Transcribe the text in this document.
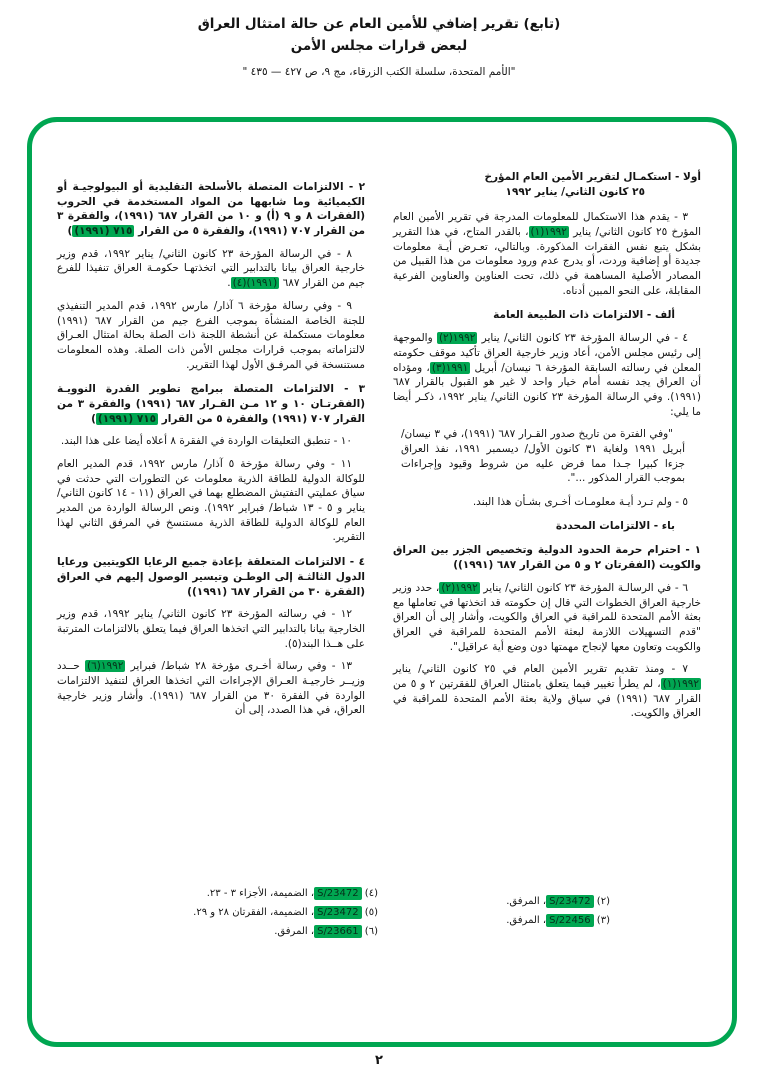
(تابع) تقرير إضافي للأمين العام عن حالة امتثال العراق
لبعض قرارات مجلس الأمن
"الأمم المتحدة، سلسلة الكتب الزرقاء، مج ٩، ص ٤٢٧ — ٤٣٥ "

أولا - استكمـال لتقرير الأمين العام المؤرخ
٢٥ كانون الثاني/ يناير ١٩٩٢

٣ - يقدم هذا الاستكمال للمعلومات المدرجة في تقرير الأمين العام المؤرخ ٢٥ كانون الثاني/ يناير ١٩٩٢(١)، بالقدر المتاح، في هذا التقرير بشكل يتبع نفس الفقرات المذكورة. وبالتالي، تعـرض أيـة معلومات جديدة أو إضافية وردت، أو يدرج عدم ورود معلومات من هذا القبيل من المصادر الأصلية المساهمة في ذلك، تحت العناوين والعناوين الفرعية المقابلة، على النحو المبين أدناه.

ألف - الالتزامات ذات الطبيعة العامة

٤ - في الرسالة المؤرخة ٢٣ كانون الثاني/ يناير ١٩٩٢(٢) والموجهة إلى رئيس مجلس الأمن، أعاد وزير خارجية العراق تأكيد موقف حكومته المعلن في رسالته السابقة المؤرخة ٦ نيسان/ أبريل ١٩٩١(٣)، ومؤداه أن العراق يجد نفسه أمام خيار واحد لا غير هو القبول بالقرار ٦٨٧ (١٩٩١). وفي الرسالة المؤرخة ٢٣ كانون الثاني/ يناير ١٩٩٢، ذكـر أيضا ما يلي:

"وفي الفترة من تاريخ صدور القـرار ٦٨٧ (١٩٩١)، في ٣ نيسان/ أبريل ١٩٩١ ولغاية ٣١ كانون الأول/ ديسمبر ١٩٩١، نفذ العراق جزءا كبيرا جـدا مما فرض عليه من شروط وقيود وإجراءات بموجب القرار المذكور ...".

٥ - ولم تـرد أيـة معلومـات أخـرى بشـأن هذا البند.

باء - الالتزامات المحددة

١ - احترام حرمة الحدود الدولية وتخصيص الجزر بين العراق والكويت (الفقرتان ٢ و ٥ من القرار ٦٨٧ (١٩٩١))

٦ - في الرسالـة المؤرخة ٢٣ كانون الثاني/ يناير ١٩٩٢(٢)، حدد وزير خارجية العراق الخطوات التي قال إن حكومته قد اتخذتها في تعاملها مع بعثة الأمم المتحدة للمراقبة في العراق والكويت، وأشار إلى أن العراق "قدم التسهيلات اللازمة لبعثة الأمم المتحدة للمراقبة في العراق والكويت وتعاون معها لإنجاح مهمتها دون وضع أية عراقيل".

٧ - ومنذ تقديم تقرير الأمين العام في ٢٥ كانون الثاني/ يناير ١٩٩٢(١)، لم يطرأ تغيير فيما يتعلق بامتثال العراق للفقرتين ٢ و ٥ من القرار ٦٨٧ (١٩٩١) في سياق ولاية بعثة الأمم المتحدة للمراقبة في العراق والكويت.

٢ - الالتزامات المتصلة بالأسلحة التقليدية أو البيولوجيـة أو الكيميائية وما شابهها من المواد المستخدمة في الحروب (الفقرات ٨ و ٩ (أ) و ١٠ من القرار ٦٨٧ (١٩٩١)، والفقرة ٣ من القرار ٧٠٧ (١٩٩١)، والفقرة ٥ من القرار ٧١٥ (١٩٩١))

٨ - في الرسالة المؤرخة ٢٣ كانون الثاني/ يناير ١٩٩٢، قدم وزير خارجية العراق بيانا بالتدابير التي اتخذتهـا حكومـة العراق تنفيذا للفرع جيم من القرار ٦٨٧ (١٩٩١)(٤).

٩ - وفي رسالة مؤرخة ٦ آذار/ مارس ١٩٩٢، قدم المدير التنفيذي للجنة الخاصة المنشأة بموجب الفرع جيم من القرار ٦٨٧ (١٩٩١) معلومات مستكملة عن أنشطة اللجنة ذات الصلة بحالة امتثال العـراق لالتزاماته بموجب قرارات مجلس الأمن ذات الصلة. وهذه المعلومات مستنسخة في المرفـق الأول لهذا التقرير.

٣ - الالتزامات المتصلة ببرامج تطوير القدرة النوويـة (الفقرتـان ١٠ و ١٢ مـن القـرار ٦٨٧ (١٩٩١) والفقرة ٣ من القرار ٧٠٧ (١٩٩١) والفقرة ٥ من القرار ٧١٥ (١٩٩١))

١٠ - تنطبق التعليقات الواردة في الفقرة ٨ أعلاه أيضا على هذا البند.

١١ - وفي رسالة مؤرخة ٥ آذار/ مارس ١٩٩٢، قدم المدير العام للوكالة الدولية للطاقة الذرية معلومات عن التطورات التي حدثت في سياق عمليتي التفتيش المضطلع بهما في العراق (١١ - ١٤ كانون الثاني/ يناير و ٥ - ١٣ شباط/ فبراير ١٩٩٢). ونص الرسالة الواردة من المدير العام للوكالة الدولية للطاقة الذرية مستنسخ في المرفق الثاني لهذا التقرير.

٤ - الالتزامات المتعلقة بإعادة جميع الرعايا الكويتيين ورعايا الدول الثالثـة إلى الوطـن وتيسير الوصول إليهم في العراق (الفقرة ٣٠ من القرار ٦٨٧ (١٩٩١))

١٢ - في رسالته المؤرخة ٢٣ كانون الثاني/ يناير ١٩٩٢، قدم وزير الخارجية بيانا بالتدابير التي اتخذها العراق فيما يتعلق بالالتزامات المترتبة على هــذا البند(٥).

١٣ - وفي رسالة أخـرى مؤرخة ٢٨ شباط/ فبراير ١٩٩٢(٦) حــدد وزيــر خارجيـة العـراق الإجراءات التي اتخذها العراق لتنفيذ الالتزامات الواردة في الفقرة ٣٠ من القرار ٦٨٧ (١٩٩١). وأشار وزير خارجية العراق، في هذا الصدد، إلى أن

(٤) S/23472، الضميمة، الأجزاء ٣ - ٢٣.
(٥) S/23472، الضميمة، الفقرتان ٢٨ و ٢٩.
(٦) S/23661، المرفق.
(٢) S/23472، المرفق.
(٣) S/22456، المرفق.
٢
